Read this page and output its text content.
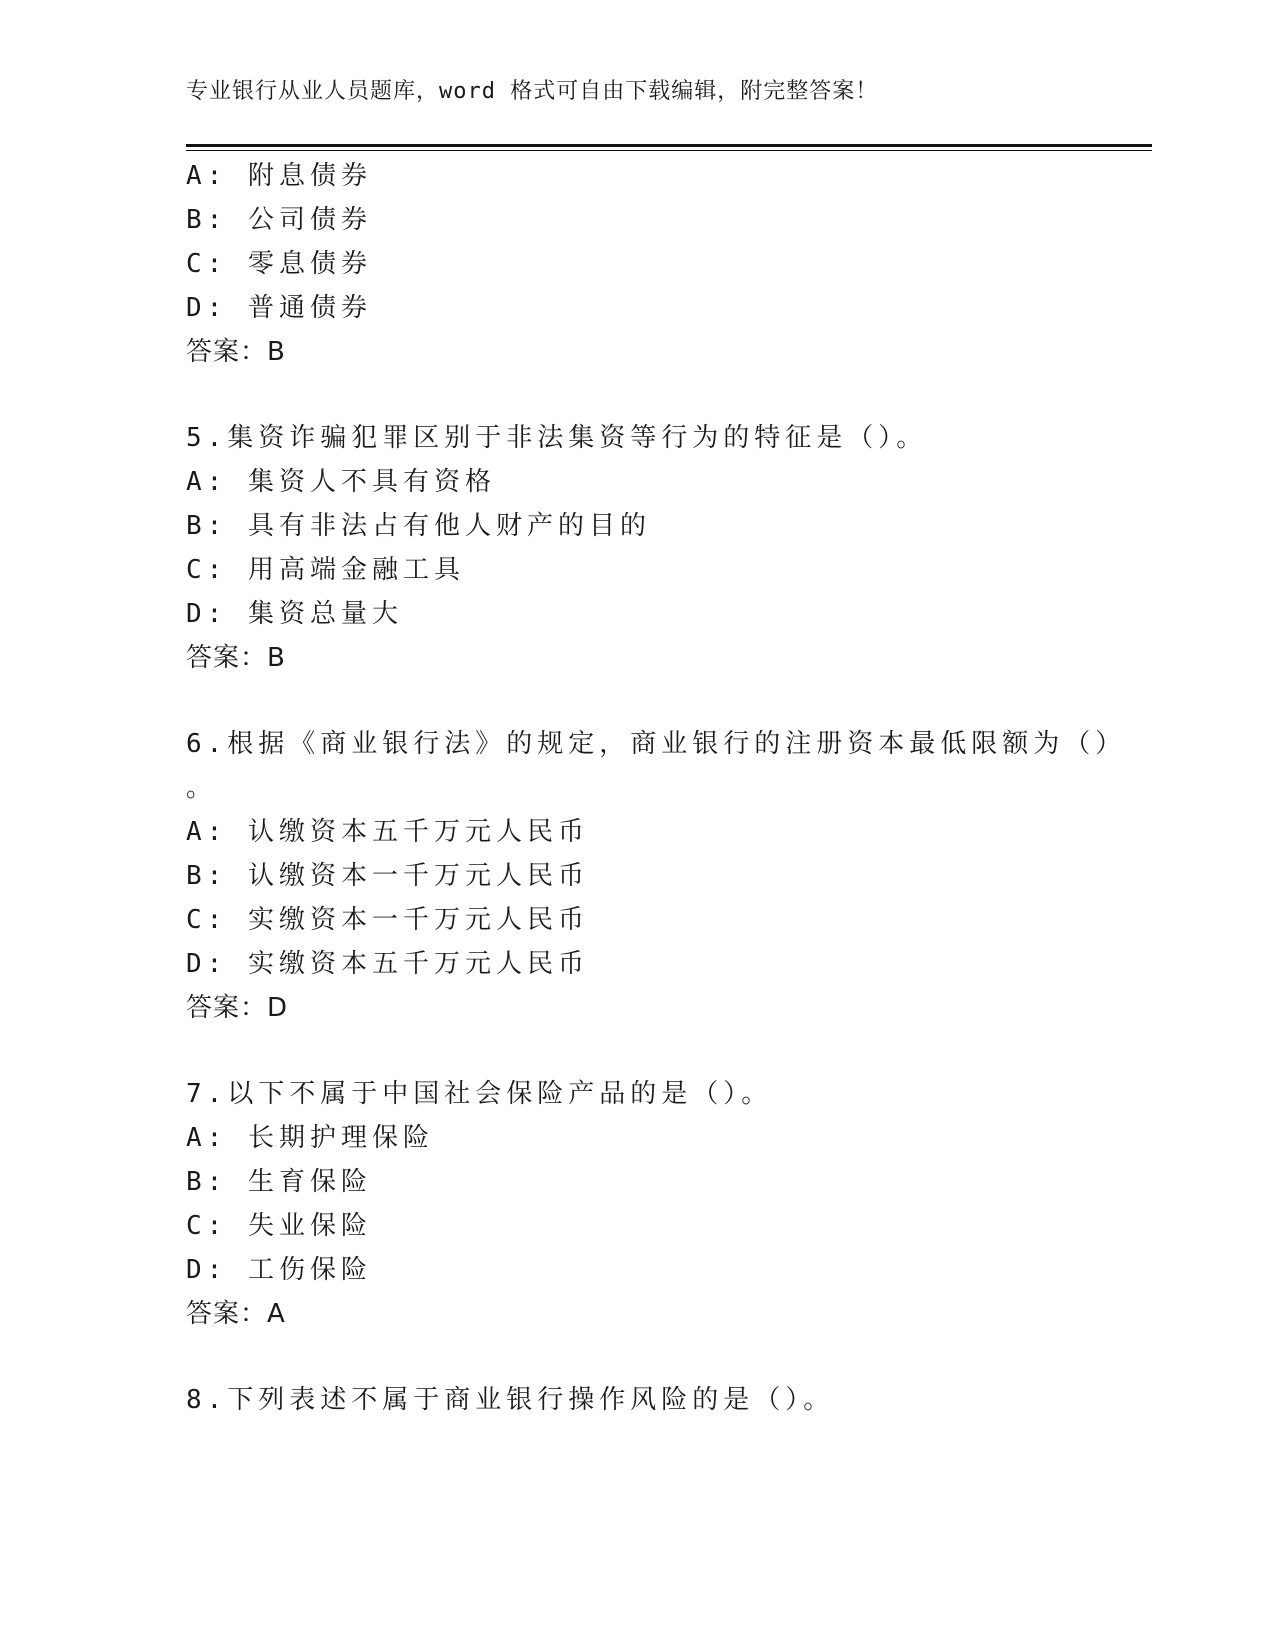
专业银行从业人员题库，word 格式可自由下载编辑，附完整答案！
A: 附息债券
B: 公司债券
C: 零息债券
D: 普通债券
答案：B
5.集资诈骗犯罪区别于非法集资等行为的特征是（）。
A: 集资人不具有资格
B: 具有非法占有他人财产的目的
C: 用高端金融工具
D: 集资总量大
答案：B
6.根据《商业银行法》的规定，商业银行的注册资本最低限额为（）
。
A: 认缴资本五千万元人民币
B: 认缴资本一千万元人民币
C: 实缴资本一千万元人民币
D: 实缴资本五千万元人民币
答案：D
7.以下不属于中国社会保险产品的是（）。
A: 长期护理保险
B: 生育保险
C: 失业保险
D: 工伤保险
答案：A
8.下列表述不属于商业银行操作风险的是（）。
